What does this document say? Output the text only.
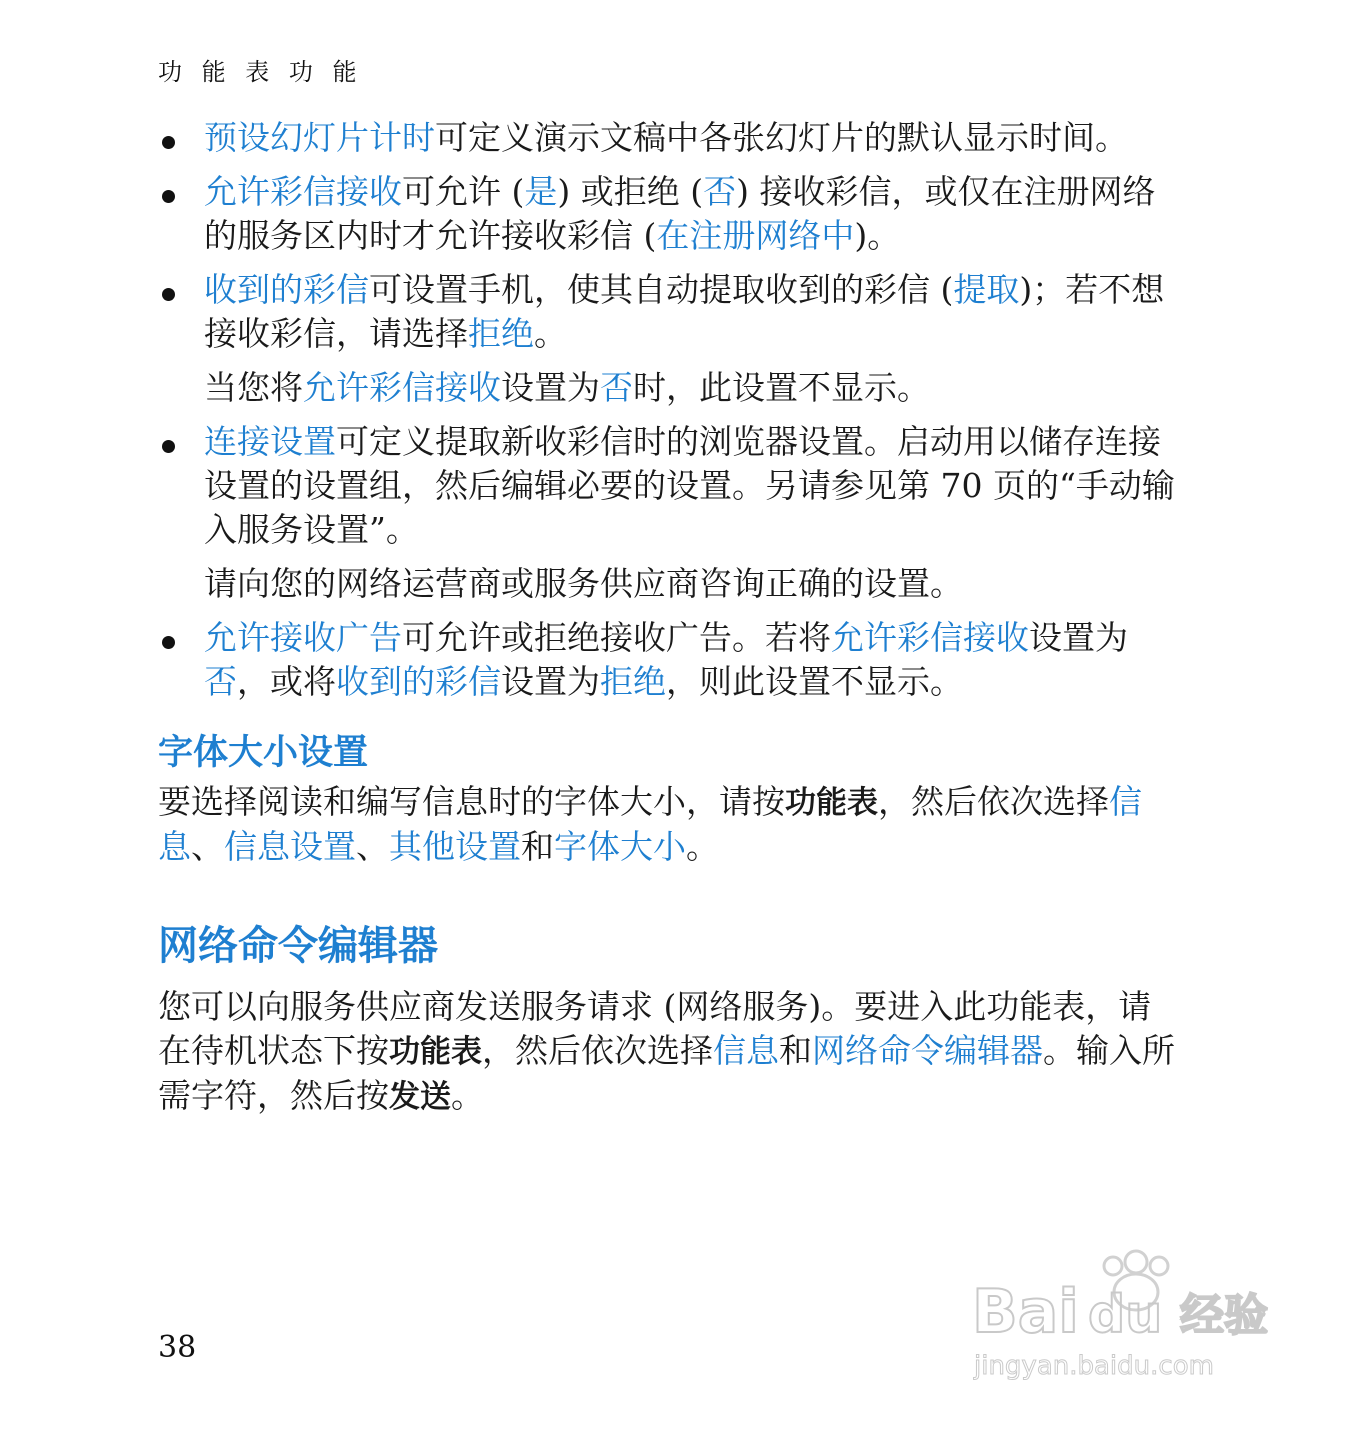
功 能 表 功 能

预设幻灯片计时可定义演示文稿中各张幻灯片的默认显示时间。

允许彩信接收可允许 (是) 或拒绝 (否) 接收彩信，或仅在注册网络的服务区内时才允许接收彩信 (在注册网络中)。

收到的彩信可设置手机，使其自动提取收到的彩信 (提取)；若不想接收彩信，请选择拒绝。

当您将允许彩信接收设置为否时，此设置不显示。

连接设置可定义提取新收彩信时的浏览器设置。启动用以储存连接设置的设置组，然后编辑必要的设置。另请参见第 70 页的“手动输入服务设置”。

请向您的网络运营商或服务供应商咨询正确的设置。

允许接收广告可允许或拒绝接收广告。若将允许彩信接收设置为否，或将收到的彩信设置为拒绝，则此设置不显示。

字体大小设置

要选择阅读和编写信息时的字体大小，请按功能表，然后依次选择信息、信息设置、其他设置和字体大小。

网络命令编辑器

您可以向服务供应商发送服务请求 (网络服务)。要进入此功能表，请在待机状态下按功能表，然后依次选择信息和网络命令编辑器。输入所需字符，然后按发送。

38
Bai du 经验
jingyan.baidu.com
